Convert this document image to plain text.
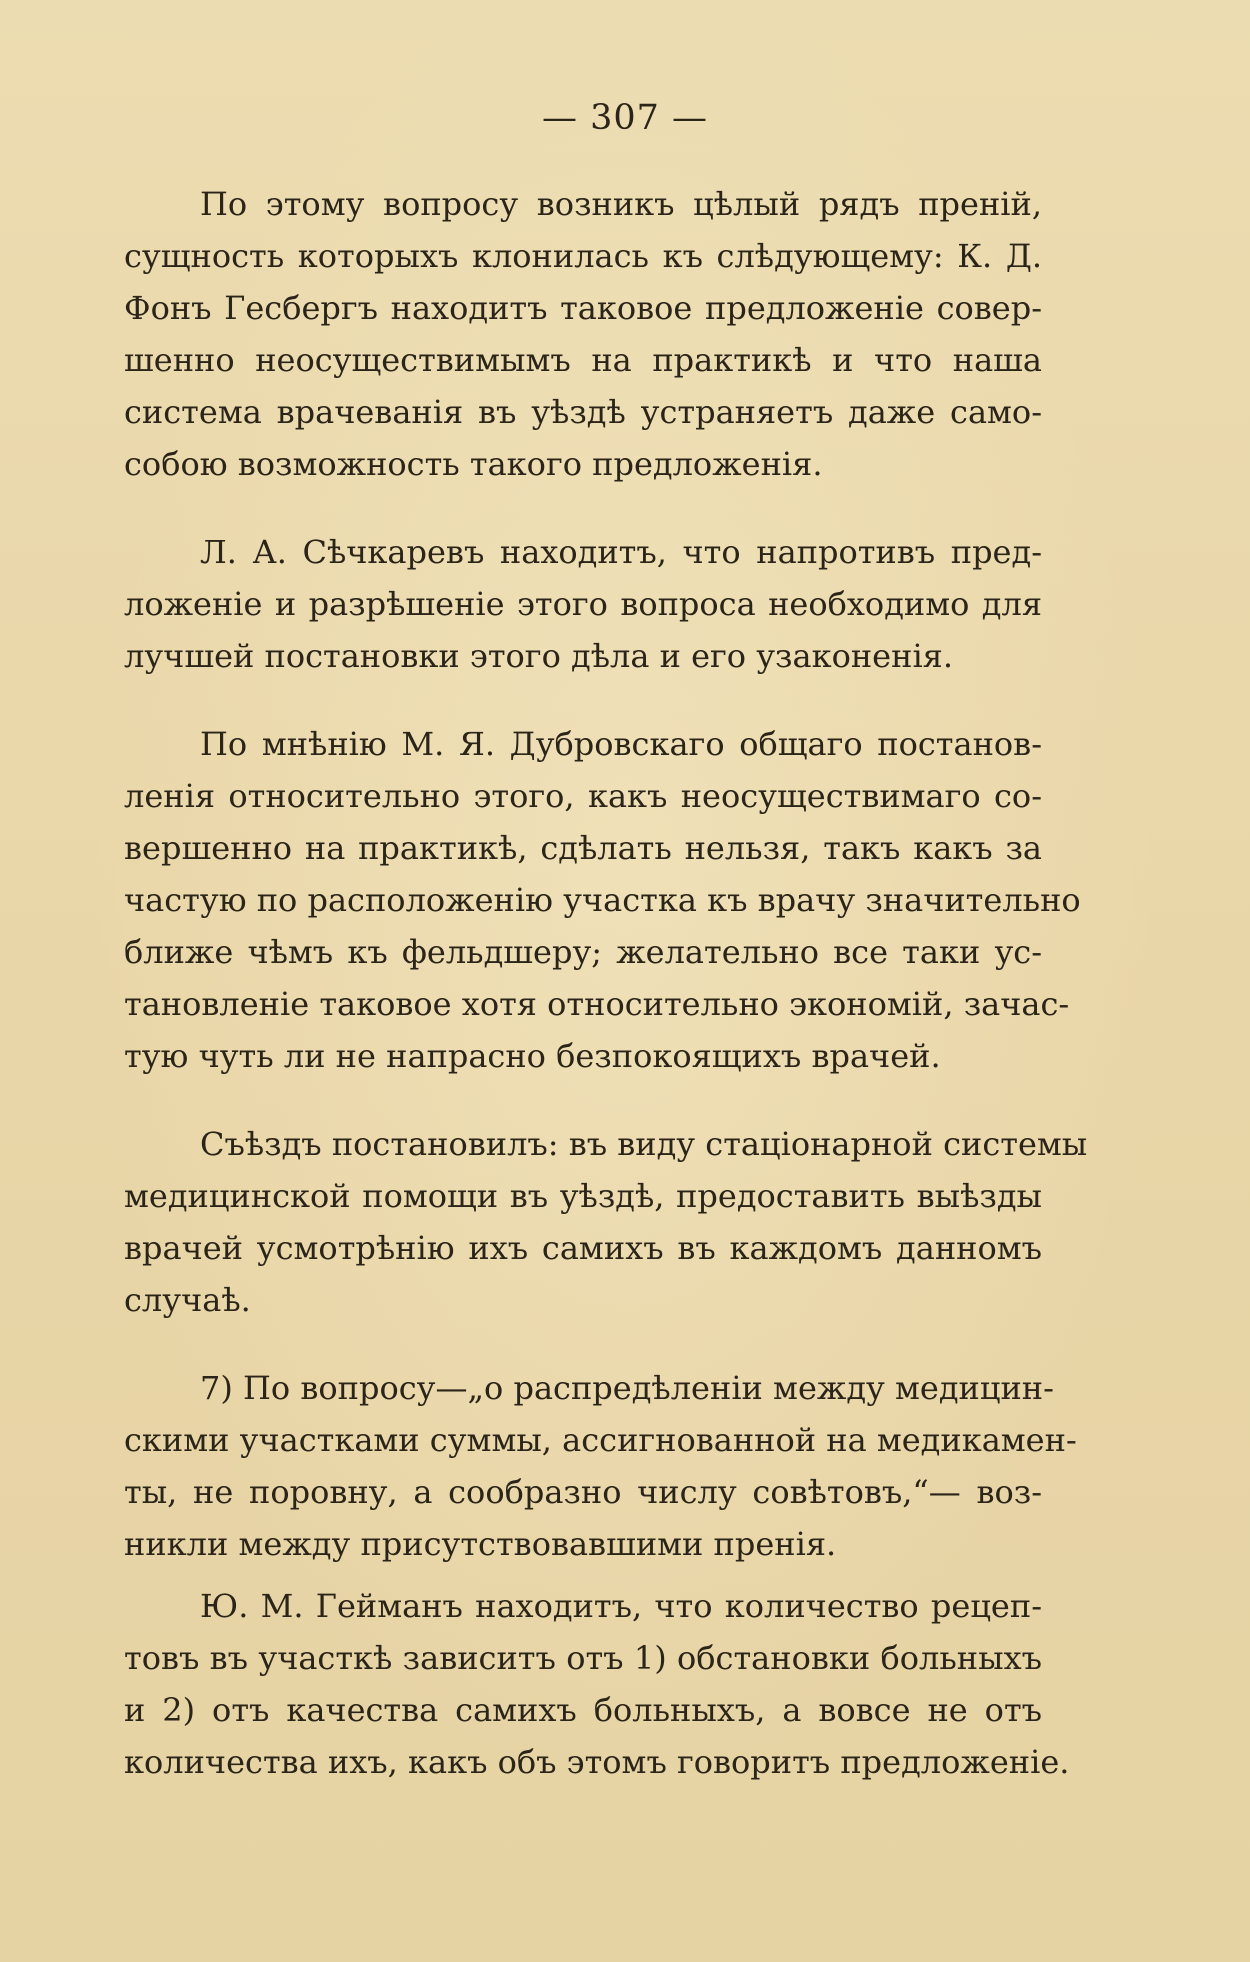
— 307 —
По этому вопросу возникъ цѣлый рядъ преній,
сущность которыхъ клонилась къ слѣдующему: К. Д.
Фонъ Гесбергъ находитъ таковое предложеніе совер-
шенно неосуществимымъ на практикѣ и что наша
система врачеванія въ уѣздѣ устраняетъ даже само-
собою возможность такого предложенія.
Л. А. Сѣчкаревъ находитъ, что напротивъ пред-
ложеніе и разрѣшеніе этого вопроса необходимо для
лучшей постановки этого дѣла и его узаконенія.
По мнѣнію М. Я. Дубровскаго общаго постанов-
ленія относительно этого, какъ неосуществимаго со-
вершенно на практикѣ, сдѣлать нельзя, такъ какъ за
частую по расположенію участка къ врачу значительно
ближе чѣмъ къ фельдшеру; желательно все таки ус-
тановленіе таковое хотя относительно экономій, зачас-
тую чуть ли не напрасно безпокоящихъ врачей.
Съѣздъ постановилъ: въ виду стаціонарной системы
медицинской помощи въ уѣздѣ, предоставить выѣзды
врачей усмотрѣнію ихъ самихъ въ каждомъ данномъ
случаѣ.
7) По вопросу—„о распредѣленіи между медицин-
скими участками суммы, ассигнованной на медикамен-
ты, не поровну, а сообразно числу совѣтовъ,“— воз-
никли между присутствовавшими пренія.
Ю. М. Гейманъ находитъ, что количество рецеп-
товъ въ участкѣ зависитъ отъ 1) обстановки больныхъ
и 2) отъ качества самихъ больныхъ, а вовсе не отъ
количества ихъ, какъ объ этомъ говоритъ предложеніе.
